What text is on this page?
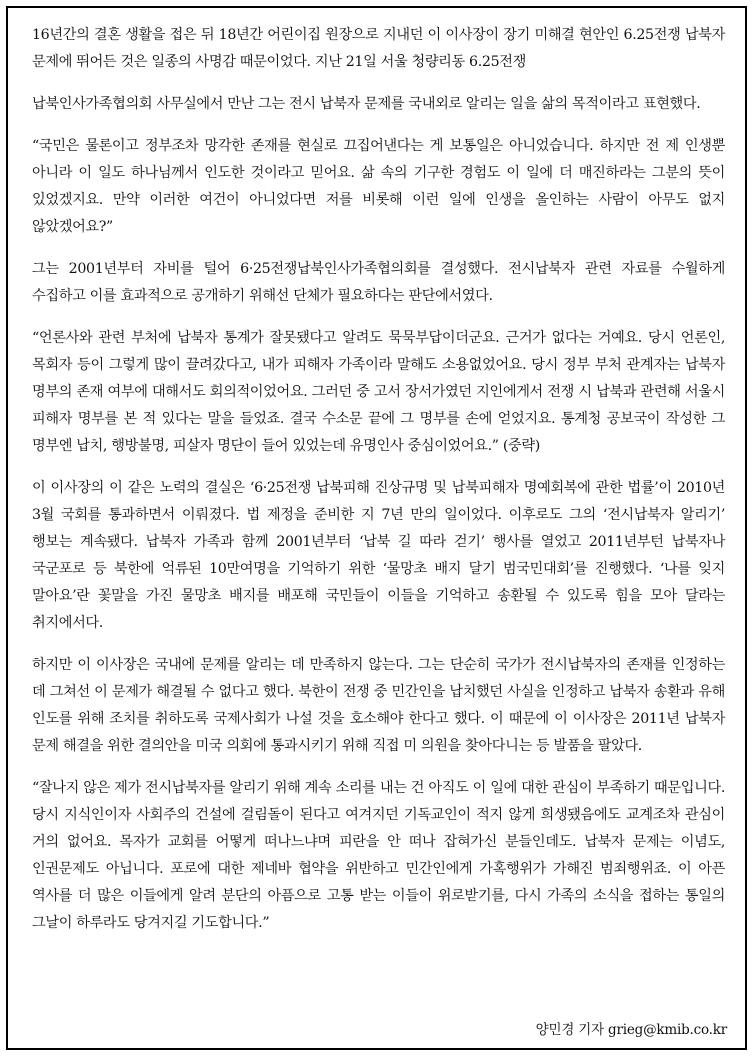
16년간의 결혼 생활을 접은 뒤 18년간 어린이집 원장으로 지내던 이 이사장이 장기 미해결 현안인 6.25전쟁 납북자 문제에 뛰어든 것은 일종의 사명감 때문이었다. 지난 21일 서울 청량리동 6.25전쟁

납북인사가족협의회 사무실에서 만난 그는 전시 납북자 문제를 국내외로 알리는 일을 삶의 목적이라고 표현했다.

“국민은 물론이고 정부조차 망각한 존재를 현실로 끄집어낸다는 게 보통일은 아니었습니다. 하지만 전 제 인생뿐 아니라 이 일도 하나님께서 인도한 것이라고 믿어요. 삶 속의 기구한 경험도 이 일에 더 매진하라는 그분의 뜻이 있었겠지요. 만약 이러한 여건이 아니었다면 저를 비롯해 이런 일에 인생을 올인하는 사람이 아무도 없지 않았겠어요?”

그는 2001년부터 자비를 털어 6·25전쟁납북인사가족협의회를 결성했다. 전시납북자 관련 자료를 수월하게 수집하고 이를 효과적으로 공개하기 위해선 단체가 필요하다는 판단에서였다.

“언론사와 관련 부처에 납북자 통계가 잘못됐다고 알려도 묵묵부답이더군요. 근거가 없다는 거예요. 당시 언론인, 목회자 등이 그렇게 많이 끌려갔다고, 내가 피해자 가족이라 말해도 소용없었어요. 당시 정부 부처 관계자는 납북자 명부의 존재 여부에 대해서도 회의적이었어요. 그러던 중 고서 장서가였던 지인에게서 전쟁 시 납북과 관련해 서울시 피해자 명부를 본 적 있다는 말을 들었죠. 결국 수소문 끝에 그 명부를 손에 얻었지요. 통계청 공보국이 작성한 그 명부엔 납치, 행방불명, 피살자 명단이 들어 있었는데 유명인사 중심이었어요.” (중략)

이 이사장의 이 같은 노력의 결실은 ‘6·25전쟁 납북피해 진상규명 및 납북피해자 명예회복에 관한 법률’이 2010년 3월 국회를 통과하면서 이뤄졌다. 법 제정을 준비한 지 7년 만의 일이었다. 이후로도 그의 ‘전시납북자 알리기’ 행보는 계속됐다. 납북자 가족과 함께 2001년부터 ‘납북 길 따라 걷기’ 행사를 열었고 2011년부턴 납북자나 국군포로 등 북한에 억류된 10만여명을 기억하기 위한 ‘물망초 배지 달기 범국민대회’를 진행했다. ‘나를 잊지 말아요’란 꽃말을 가진 물망초 배지를 배포해 국민들이 이들을 기억하고 송환될 수 있도록 힘을 모아 달라는 취지에서다.

하지만 이 이사장은 국내에 문제를 알리는 데 만족하지 않는다. 그는 단순히 국가가 전시납북자의 존재를 인정하는 데 그쳐선 이 문제가 해결될 수 없다고 했다. 북한이 전쟁 중 민간인을 납치했던 사실을 인정하고 납북자 송환과 유해 인도를 위해 조치를 취하도록 국제사회가 나설 것을 호소해야 한다고 했다. 이 때문에 이 이사장은 2011년 납북자 문제 해결을 위한 결의안을 미국 의회에 통과시키기 위해 직접 미 의원을 찾아다니는 등 발품을 팔았다.

“잘나지 않은 제가 전시납북자를 알리기 위해 계속 소리를 내는 건 아직도 이 일에 대한 관심이 부족하기 때문입니다. 당시 지식인이자 사회주의 건설에 걸림돌이 된다고 여겨지던 기독교인이 적지 않게 희생됐음에도 교계조차 관심이 거의 없어요. 목자가 교회를 어떻게 떠나느냐며 피란을 안 떠나 잡혀가신 분들인데도. 납북자 문제는 이념도, 인권문제도 아닙니다. 포로에 대한 제네바 협약을 위반하고 민간인에게 가혹행위가 가해진 범죄행위죠. 이 아픈 역사를 더 많은 이들에게 알려 분단의 아픔으로 고통 받는 이들이 위로받기를, 다시 가족의 소식을 접하는 통일의 그날이 하루라도 당겨지길 기도합니다.”

양민경 기자 grieg@kmib.co.kr
